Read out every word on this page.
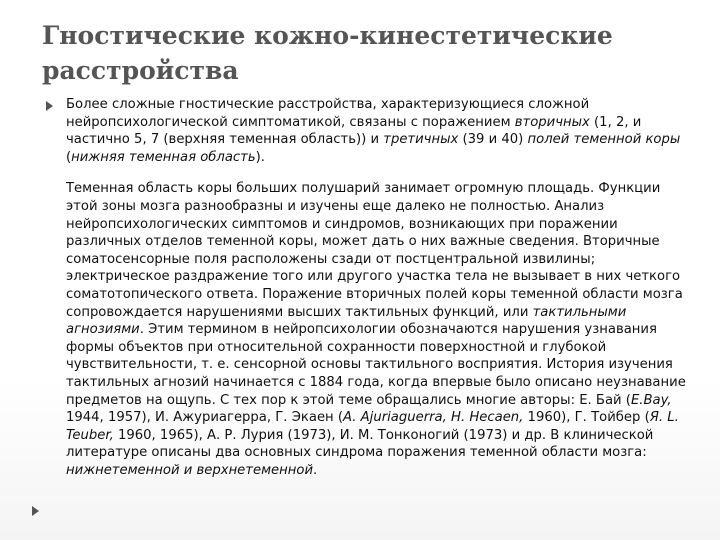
Гностические кожно-кинестетические расстройства
Более сложные гностические расстройства, характеризующиеся сложной нейропсихологической симптоматикой, связаны с поражением вторичных (1, 2, и частично 5, 7 (верхняя теменная область)) и третичных (39 и 40) полей теменной коры (нижняя теменная область).
Теменная область коры больших полушарий занимает огромную площадь. Функции этой зоны мозга разнообразны и изучены еще далеко не полностью. Анализ нейропсихологических симптомов и синдромов, возникающих при поражении различных отделов теменной коры, может дать о них важные сведения. Вторичные соматосенсорные поля расположены сзади от постцентральной извилины; электрическое раздражение того или другого участка тела не вызывает в них четкого соматотопического ответа. Поражение вторичных полей коры теменной области мозга сопровождается нарушениями высших тактильных функций, или тактильными агнозиями. Этим термином в нейропсихологии обозначаются нарушения узнавания формы объектов при относительной сохранности поверхностной и глубокой чувствительности, т. е. сенсорной основы тактильного восприятия. История изучения тактильных агнозий начинается с 1884 года, когда впервые было описано неузнавание предметов на ощупь. С тех пор к этой теме обращались многие авторы: Е. Бай (E.Bay, 1944, 1957), И. Ажуриагерра, Г. Экаен (A. Ajuriaguerra, H. Hecaen, 1960), Г. Тойбер (Я. L. Teuber, 1960, 1965), А. Р. Лурия (1973), И. М. Тонконогий (1973) и др. В клинической литературе описаны два основных синдрома поражения теменной области мозга: нижнетеменной и верхнетеменной.
